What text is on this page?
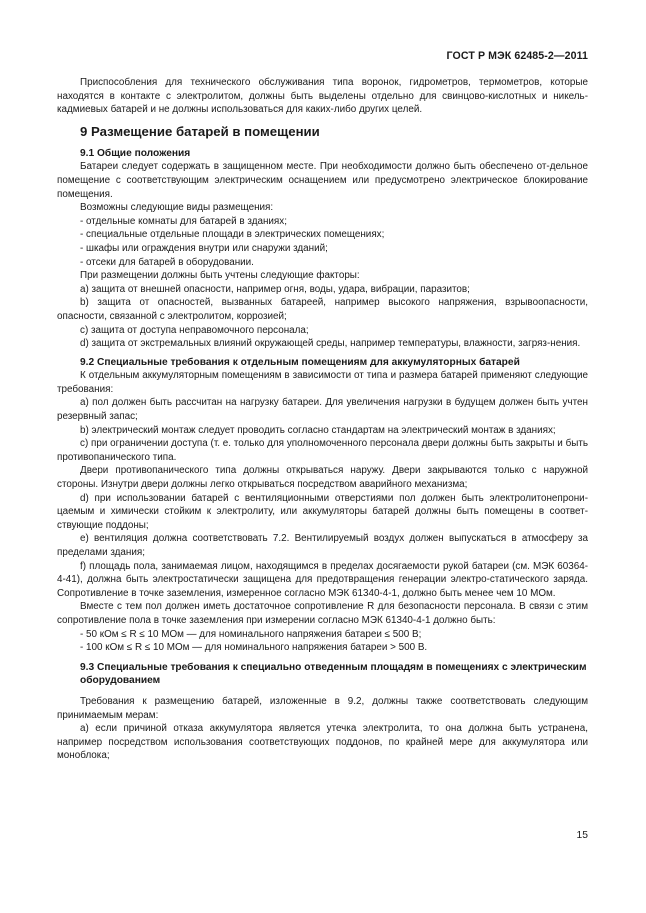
ГОСТ Р МЭК 62485-2—2011

Приспособления для технического обслуживания типа воронок, гидрометров, термометров, которые находятся в контакте с электролитом, должны быть выделены отдельно для свинцово-кислотных и никель-кадмиевых батарей и не должны использоваться для каких-либо других целей.

9 Размещение батарей в помещении
9.1 Общие положения

Батареи следует содержать в защищенном месте. При необходимости должно быть обеспечено от-дельное помещение с соответствующим электрическим оснащением или предусмотрено электрическое блокирование помещения.

Возможны следующие виды размещения:

- отдельные комнаты для батарей в зданиях;

- специальные отдельные площади в электрических помещениях;

- шкафы или ограждения внутри или снаружи зданий;

- отсеки для батарей в оборудовании.

При размещении должны быть учтены следующие факторы:

a) защита от внешней опасности, например огня, воды, удара, вибрации, паразитов;

b) защита от опасностей, вызванных батареей, например высокого напряжения, взрывоопасности, опасности, связанной с электролитом, коррозией;

c) защита от доступа неправомочного персонала;

d) защита от экстремальных влияний окружающей среды, например температуры, влажности, загряз-нения.

9.2 Специальные требования к отдельным помещениям для аккумуляторных батарей

К отдельным аккумуляторным помещениям в зависимости от типа и размера батарей применяют следующие требования:

a) пол должен быть рассчитан на нагрузку батареи. Для увеличения нагрузки в будущем должен быть учтен резервный запас;

b) электрический монтаж следует проводить согласно стандартам на электрический монтаж в зданиях;

c) при ограничении доступа (т. е. только для уполномоченного персонала двери должны быть закрыты и быть противопанического типа.

Двери противопанического типа должны открываться наружу. Двери закрываются только с наружной стороны. Изнутри двери должны легко открываться посредством аварийного механизма;

d) при использовании батарей с вентиляционными отверстиями пол должен быть электролитонепрони-цаемым и химически стойким к электролиту, или аккумуляторы батарей должны быть помещены в соответ-ствующие поддоны;

e) вентиляция должна соответствовать 7.2. Вентилируемый воздух должен выпускаться в атмосферу за пределами здания;

f) площадь пола, занимаемая лицом, находящимся в пределах досягаемости рукой батареи (см. МЭК 60364-4-41), должна быть электростатически защищена для предотвращения генерации электро-статического заряда. Сопротивление в точке заземления, измеренное согласно МЭК 61340-4-1, должно быть менее чем 10 МОм.

Вместе с тем пол должен иметь достаточное сопротивление R для безопасности персонала. В связи с этим сопротивление пола в точке заземления при измерении согласно МЭК 61340-4-1 должно быть:

- 50 кОм ≤ R ≤ 10 МОм — для номинального напряжения батареи ≤ 500 В;

- 100 кОм ≤ R ≤ 10 МОм — для номинального напряжения батареи > 500 В.

9.3 Специальные требования к специально отведенным площадям в помещениях с электрическим оборудованием

Требования к размещению батарей, изложенные в 9.2, должны также соответствовать следующим принимаемым мерам:

a) если причиной отказа аккумулятора является утечка электролита, то она должна быть устранена, например посредством использования соответствующих поддонов, по крайней мере для аккумулятора или моноблока;

15
